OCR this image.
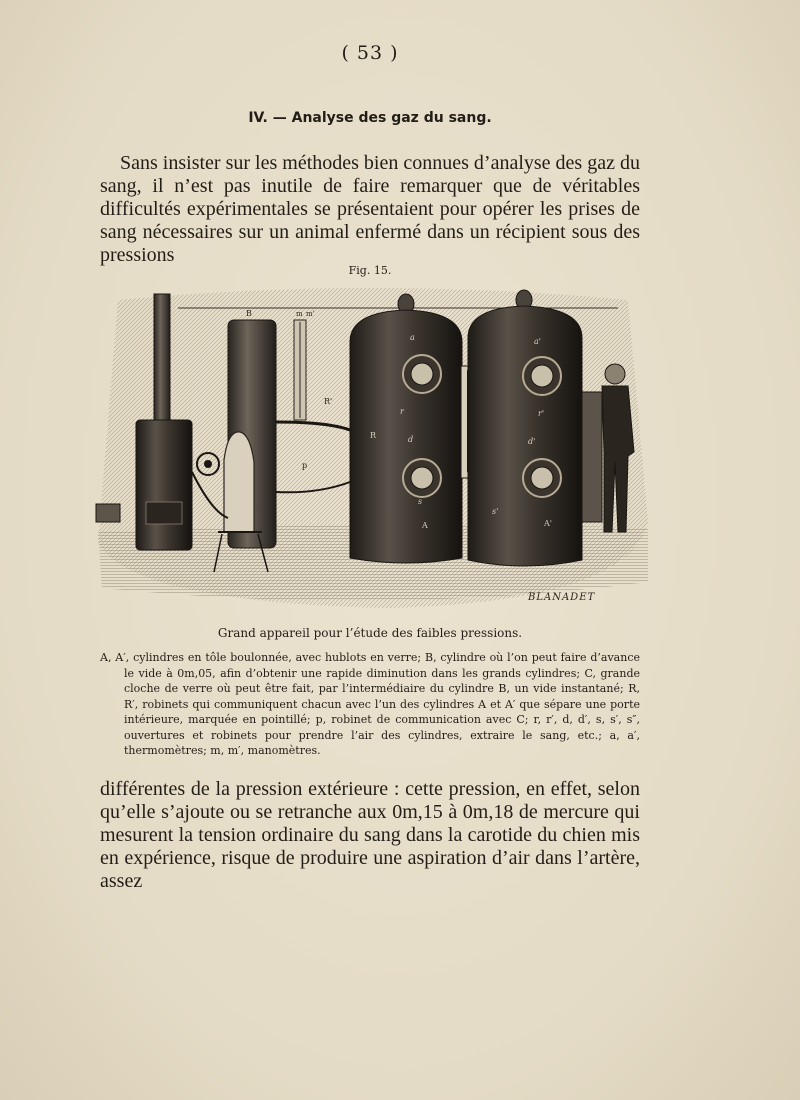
( 53 )
IV. — Analyse des gaz du sang.
Sans insister sur les méthodes bien connues d’analyse des gaz du sang, il n’est pas inutile de faire remarquer que de véritables difficultés expérimentales se présentaient pour opérer les prises de sang nécessaires sur un animal enfermé dans un récipient sous des pressions
Fig. 15.
B	m m'
R'
p
a
r
d
s
A
R
a'
r'
d'
s'
A'
BLANADET
Grand appareil pour l’étude des faibles pressions.
A, A′, cylindres en tôle boulonnée, avec hublots en verre; B, cylindre où l’on peut faire d’avance le vide à 0m,05, afin d’obtenir une rapide diminution dans les grands cylindres; C, grande cloche de verre où peut être fait, par l’intermédiaire du cylindre B, un vide instantané; R, R′, robinets qui communiquent chacun avec l’un des cylindres A et A′ que sépare une porte intérieure, marquée en pointillé; p, robinet de communication avec C; r, r′, d, d′, s, s′, s″, ouvertures et robinets pour prendre l’air des cylindres, extraire le sang, etc.; a, a′, thermomètres; m, m′, manomètres.
différentes de la pression extérieure : cette pression, en effet, selon qu’elle s’ajoute ou se retranche aux 0m,15 à 0m,18 de mercure qui mesurent la tension ordinaire du sang dans la carotide du chien mis en expérience, risque de produire une aspiration d’air dans l’artère, assez
